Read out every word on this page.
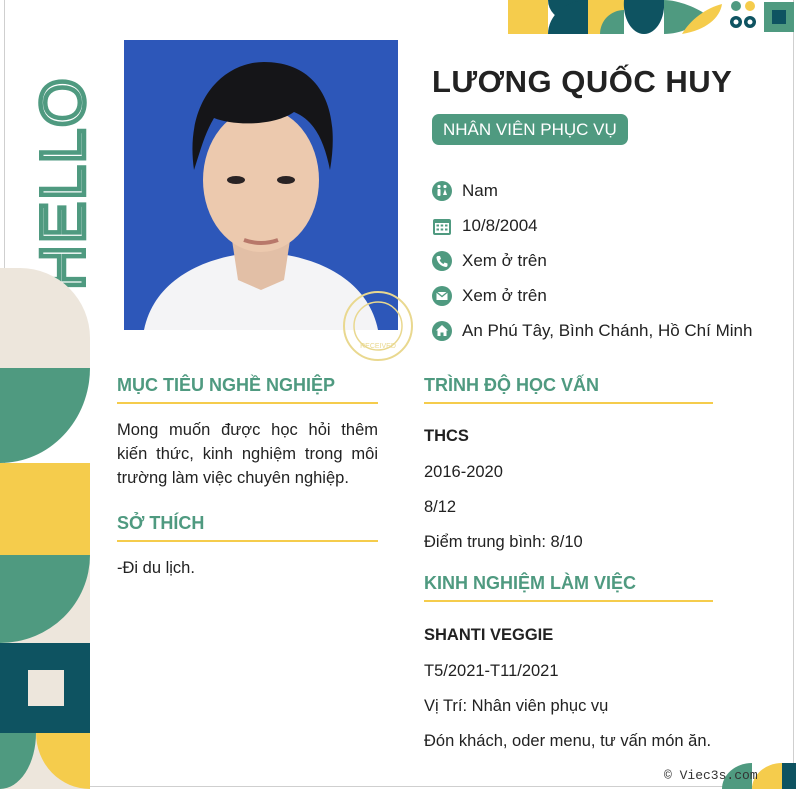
HELLO
RECEIVED
LƯƠNG QUỐC HUY
NHÂN VIÊN PHỤC VỤ
Nam
10/8/2004
Xem ở trên
Xem ở trên
An Phú Tây, Bình Chánh, Hồ Chí Minh
MỤC TIÊU NGHỀ NGHIỆP
Mong muốn được học hỏi thêm kiến thức, kinh nghiệm trong môi trường làm việc chuyên nghiệp.
SỞ THÍCH
-Đi du lịch.
TRÌNH ĐỘ HỌC VẤN
THCS
2016-2020
8/12
Điểm trung bình: 8/10
KINH NGHIỆM LÀM VIỆC
SHANTI VEGGIE
T5/2021-T11/2021
Vị Trí: Nhân viên phục vụ
Đón khách, oder menu, tư vấn món ăn.
© Viec3s.com
